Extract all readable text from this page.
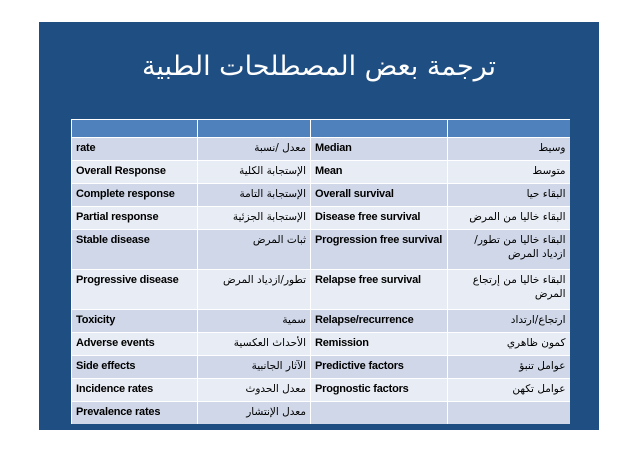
ترجمة بعض المصطلحات الطبية

rate	معدل /نسبة	Median	وسيط
Overall Response	الإستجابة الكلية	Mean	متوسط
Complete response	الإستجابة التامة	Overall survival	البقاء حيا
Partial response	الإستجابة الجزئية	Disease free survival	البقاء خاليا من المرض
Stable disease	ثبات المرض	Progression free survival	البقاء خاليا من تطور/ازدياد المرض
Progressive disease	تطور/ازدياد المرض	Relapse free survival	البقاء خاليا من إرتجاع المرض
Toxicity	سمية	Relapse/recurrence	ارتجاع/ارتداد
Adverse events	الأحداث العكسية	Remission	كمون ظاهري
Side effects	الآثار الجانبية	Predictive factors	عوامل تنبؤ
Incidence rates	معدل الحدوث	Prognostic factors	عوامل تكهن
Prevalence rates	معدل الإنتشار		
